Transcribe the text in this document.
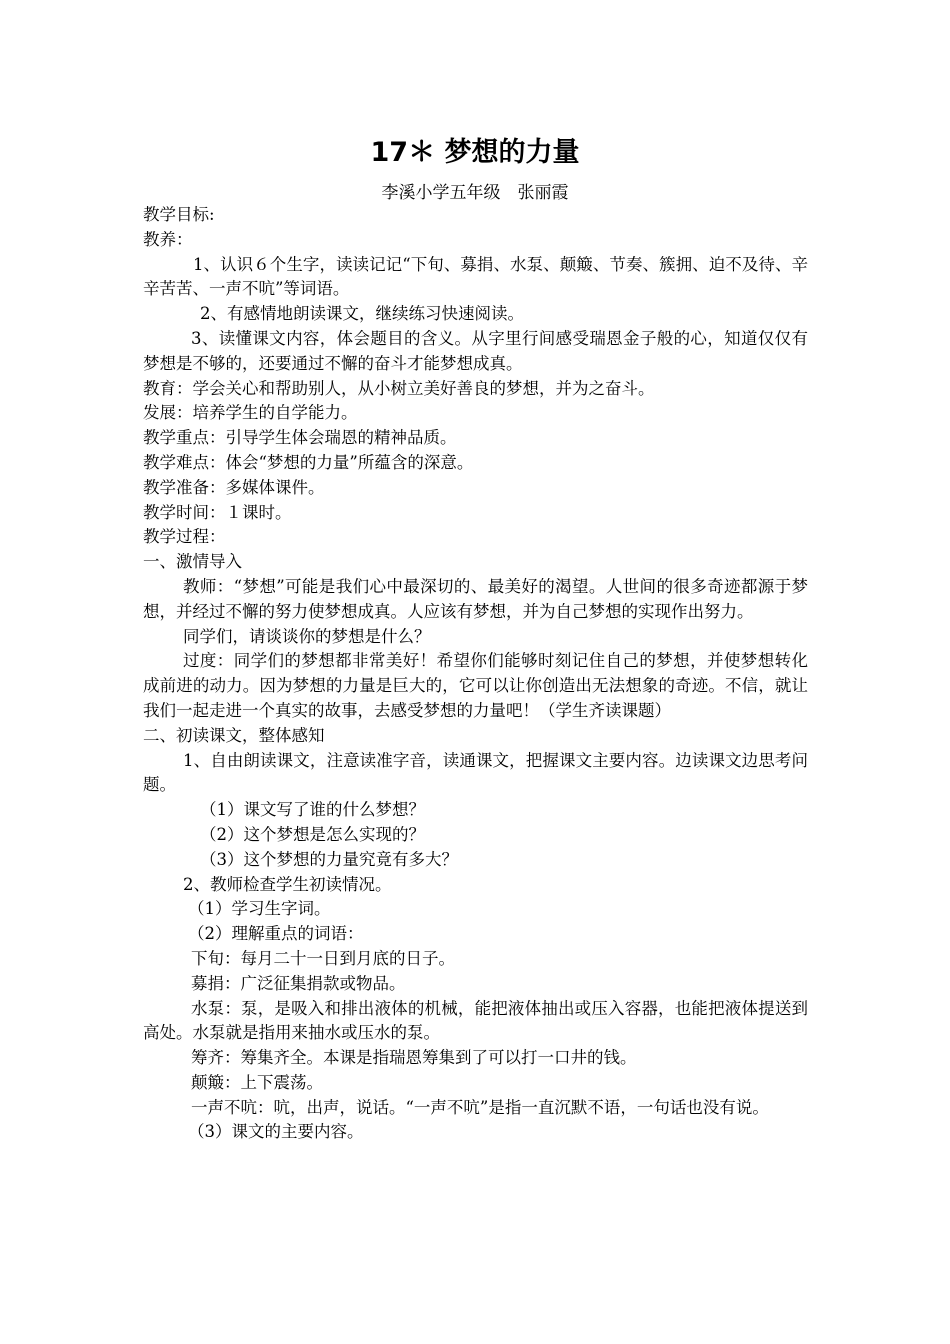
17＊ 梦想的力量
李溪小学五年级　张丽霞

教学目标:

教养：

1、认识６个生字，读读记记“下旬、募捐、水泵、颠簸、节奏、簇拥、迫不及待、辛辛苦苦、一声不吭”等词语。

2、有感情地朗读课文，继续练习快速阅读。

3、读懂课文内容，体会题目的含义。从字里行间感受瑞恩金子般的心，知道仅仅有梦想是不够的，还要通过不懈的奋斗才能梦想成真。

教育：学会关心和帮助别人，从小树立美好善良的梦想，并为之奋斗。

发展：培养学生的自学能力。

教学重点：引导学生体会瑞恩的精神品质。

教学难点：体会“梦想的力量”所蕴含的深意。

教学准备：多媒体课件。

教学时间：１课时。

教学过程：

一、激情导入

教师：“梦想”可能是我们心中最深切的、最美好的渴望。人世间的很多奇迹都源于梦想，并经过不懈的努力使梦想成真。人应该有梦想，并为自己梦想的实现作出努力。

同学们，请谈谈你的梦想是什么？

过度：同学们的梦想都非常美好！希望你们能够时刻记住自己的梦想，并使梦想转化成前进的动力。因为梦想的力量是巨大的，它可以让你创造出无法想象的奇迹。不信，就让我们一起走进一个真实的故事，去感受梦想的力量吧！（学生齐读课题）

二、初读课文，整体感知

1、自由朗读课文，注意读准字音，读通课文，把握课文主要内容。边读课文边思考问题。

（1）课文写了谁的什么梦想？

（2）这个梦想是怎么实现的？

（3）这个梦想的力量究竟有多大？

2、教师检查学生初读情况。

（1）学习生字词。

（2）理解重点的词语：

下旬：每月二十一日到月底的日子。

募捐：广泛征集捐款或物品。

水泵：泵，是吸入和排出液体的机械，能把液体抽出或压入容器，也能把液体提送到高处。水泵就是指用来抽水或压水的泵。

筹齐：筹集齐全。本课是指瑞恩筹集到了可以打一口井的钱。

颠簸：上下震荡。

一声不吭：吭，出声，说话。“一声不吭”是指一直沉默不语，一句话也没有说。

（3）课文的主要内容。
